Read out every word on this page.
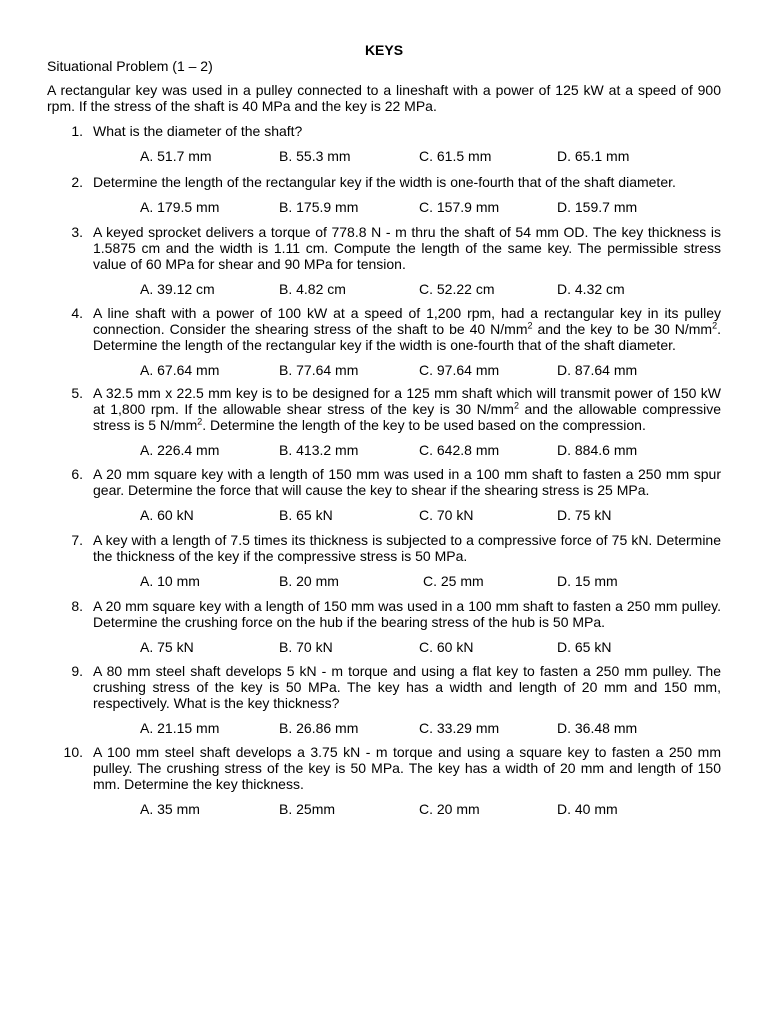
KEYS
Situational Problem (1 – 2)
A rectangular key was used in a pulley connected to a lineshaft with a power of 125 kW at a speed of 900 rpm. If the stress of the shaft is 40 MPa and the key is 22 MPa.
1. What is the diameter of the shaft?
A. 51.7 mm	B. 55.3 mm	C. 61.5 mm	D. 65.1 mm
2. Determine the length of the rectangular key if the width is one-fourth that of the shaft diameter.
A. 179.5 mm	B. 175.9 mm	C. 157.9 mm	D. 159.7 mm
3. A keyed sprocket delivers a torque of 778.8 N - m thru the shaft of 54 mm OD. The key thickness is 1.5875 cm and the width is 1.11 cm. Compute the length of the same key. The permissible stress value of 60 MPa for shear and 90 MPa for tension.
A. 39.12 cm	B. 4.82 cm	C. 52.22 cm	D. 4.32 cm
4. A line shaft with a power of 100 kW at a speed of 1,200 rpm, had a rectangular key in its pulley connection. Consider the shearing stress of the shaft to be 40 $N/mm^2$ and the key to be 30 $N/mm^2$. Determine the length of the rectangular key if the width is one-fourth that of the shaft diameter.
A. 67.64 mm	B. 77.64 mm	C. 97.64 mm	D. 87.64 mm
5. A 32.5 mm x 22.5 mm key is to be designed for a 125 mm shaft which will transmit power of 150 kW at 1,800 rpm. If the allowable shear stress of the key is 30 $N/mm^2$ and the allowable compressive stress is 5 $N/mm^2$. Determine the length of the key to be used based on the compression.
A. 226.4 mm	B. 413.2 mm	C. 642.8 mm	D. 884.6 mm
6. A 20 mm square key with a length of 150 mm was used in a 100 mm shaft to fasten a 250 mm spur gear. Determine the force that will cause the key to shear if the shearing stress is 25 MPa.
A. 60 kN	B. 65 kN	C. 70 kN	D. 75 kN
7. A key with a length of 7.5 times its thickness is subjected to a compressive force of 75 kN. Determine the thickness of the key if the compressive stress is 50 MPa.
A. 10 mm	B. 20 mm	C. 25 mm	D. 15 mm
8. A 20 mm square key with a length of 150 mm was used in a 100 mm shaft to fasten a 250 mm pulley. Determine the crushing force on the hub if the bearing stress of the hub is 50 MPa.
A. 75 kN	B. 70 kN	C. 60 kN	D. 65 kN
9. A 80 mm steel shaft develops 5 kN - m torque and using a flat key to fasten a 250 mm pulley. The crushing stress of the key is 50 MPa. The key has a width and length of 20 mm and 150 mm, respectively. What is the key thickness?
A. 21.15 mm	B. 26.86 mm	C. 33.29 mm	D. 36.48 mm
10. A 100 mm steel shaft develops a 3.75 kN - m torque and using a square key to fasten a 250 mm pulley. The crushing stress of the key is 50 MPa. The key has a width of 20 mm and length of 150 mm. Determine the key thickness.
A. 35 mm	B. 25mm	C. 20 mm	D. 40 mm
